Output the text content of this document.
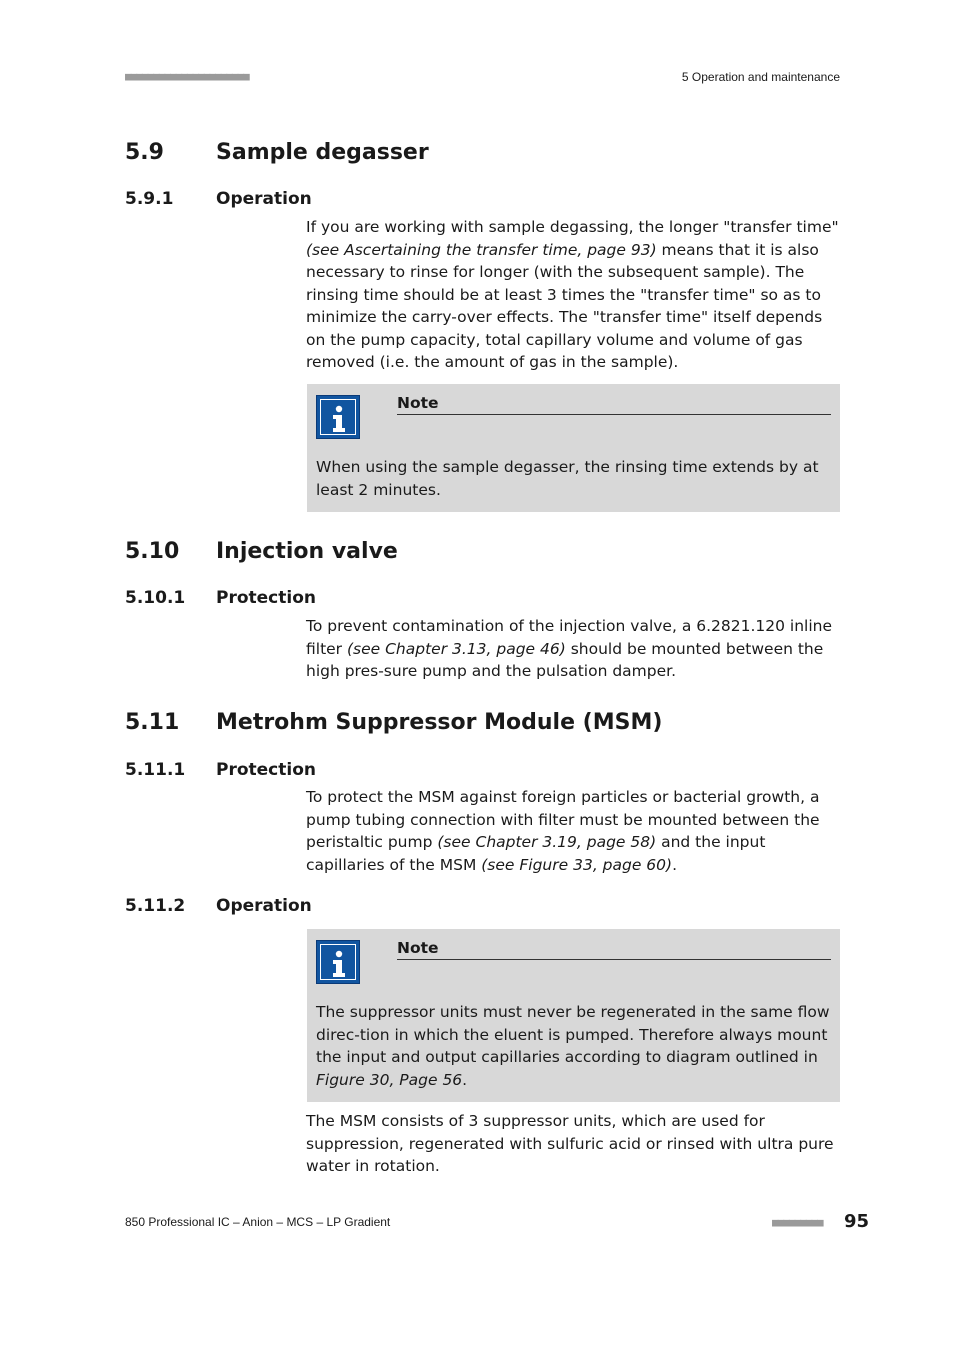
■■■■■■■■■■■■■■■■■■■■■■	5 Operation and maintenance
5.9 Sample degasser
5.9.1	Operation
If you are working with sample degassing, the longer "transfer time" (see Ascertaining the transfer time, page 93) means that it is also necessary to rinse for longer (with the subsequent sample). The rinsing time should be at least 3 times the "transfer time" so as to minimize the carry-over effects. The "transfer time" itself depends on the pump capacity, total capillary volume and volume of gas removed (i.e. the amount of gas in the sample).
Note
When using the sample degasser, the rinsing time extends by at least 2 minutes.
5.10 Injection valve
5.10.1 Protection
To prevent contamination of the injection valve, a 6.2821.120 inline filter (see Chapter 3.13, page 46) should be mounted between the high pres-sure pump and the pulsation damper.
5.11 Metrohm Suppressor Module (MSM)
5.11.1 Protection
To protect the MSM against foreign particles or bacterial growth, a pump tubing connection with filter must be mounted between the peristaltic pump (see Chapter 3.19, page 58) and the input capillaries of the MSM (see Figure 33, page 60).
5.11.2 Operation
Note
The suppressor units must never be regenerated in the same flow direc-tion in which the eluent is pumped. Therefore always mount the input and output capillaries according to diagram outlined in Figure 30, Page 56.
The MSM consists of 3 suppressor units, which are used for suppression, regenerated with sulfuric acid or rinsed with ultra pure water in rotation.
850 Professional IC – Anion – MCS – LP Gradient	■■■■■■■■■ 95
